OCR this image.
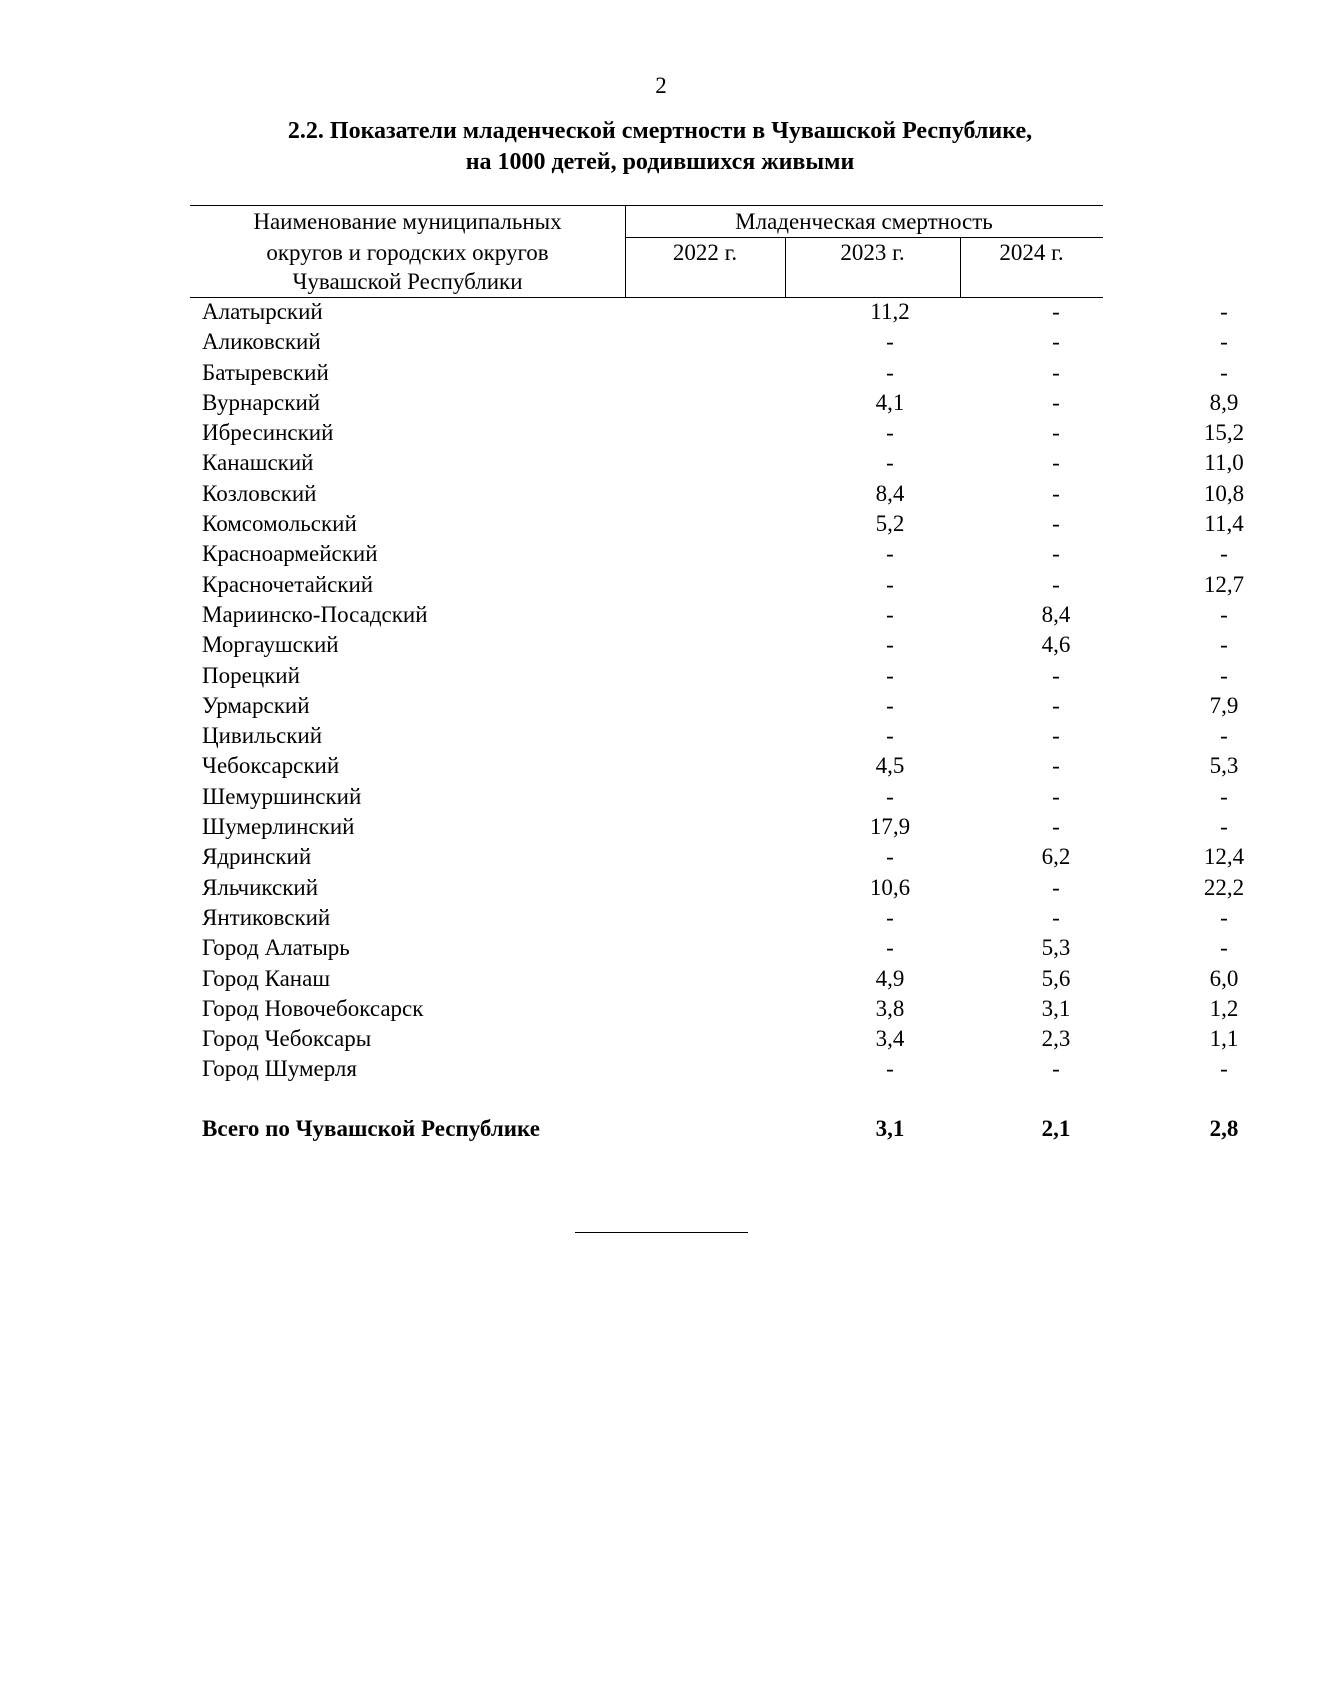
2
2.2. Показатели младенческой смертности в Чувашской Республике,
на 1000 детей, родившихся живыми
Наименование муниципальных
округов и городских округов
Чувашской Республики
Младенческая смертность
2022 г.	2023 г.	2024 г.
Алатырский	11,2	-	-
Аликовский	-	-	-
Батыревский	-	-	-
Вурнарский	4,1	-	8,9
Ибресинский	-	-	15,2
Канашский	-	-	11,0
Козловский	8,4	-	10,8
Комсомольский	5,2	-	11,4
Красноармейский	-	-	-
Красночетайский	-	-	12,7
Мариинско-Посадский	-	8,4	-
Моргаушский	-	4,6	-
Порецкий	-	-	-
Урмарский	-	-	7,9
Цивильский	-	-	-
Чебоксарский	4,5	-	5,3
Шемуршинский	-	-	-
Шумерлинский	17,9	-	-
Ядринский	-	6,2	12,4
Яльчикский	10,6	-	22,2
Янтиковский	-	-	-
Город Алатырь	-	5,3	-
Город Канаш	4,9	5,6	6,0
Город Новочебоксарск	3,8	3,1	1,2
Город Чебоксары	3,4	2,3	1,1
Город Шумерля	-	-	-
Всего по Чувашской Республике	3,1	2,1	2,8
